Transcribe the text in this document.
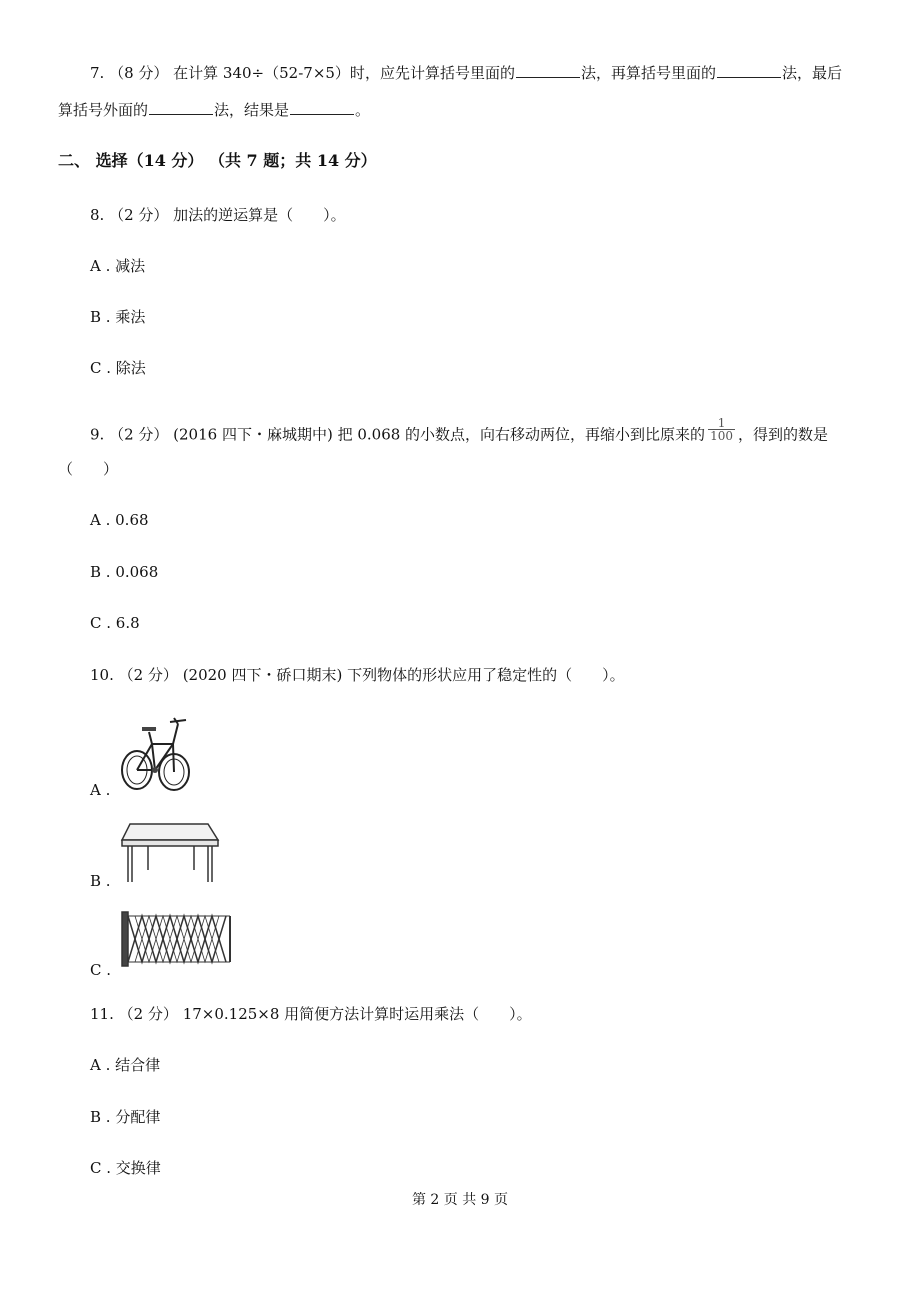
7. （8 分） 在计算 340÷（52-7×5）时，应先计算括号里面的	法，再算括号里面的	法，最后
算括号外面的	法，结果是	。
二、 选择（14 分） （共 7 题；共 14 分）
8. （2 分） 加法的逆运算是（　　）。
A . 减法
B . 乘法
C . 除法
9. （2 分） (2016 四下・麻城期中) 把 0.068 的小数点，向右移动两位，再缩小到比原来的 $\frac{1}{100}$ ，得到的数是
（　　）
A . 0.68
B . 0.068
C . 6.8
10. （2 分） (2020 四下・硚口期末) 下列物体的形状应用了稳定性的（　　）。
A .
B .
C .
11. （2 分） 17×0.125×8 用简便方法计算时运用乘法（　　）。
A . 结合律
B . 分配律
C . 交换律
第 2 页 共 9 页
